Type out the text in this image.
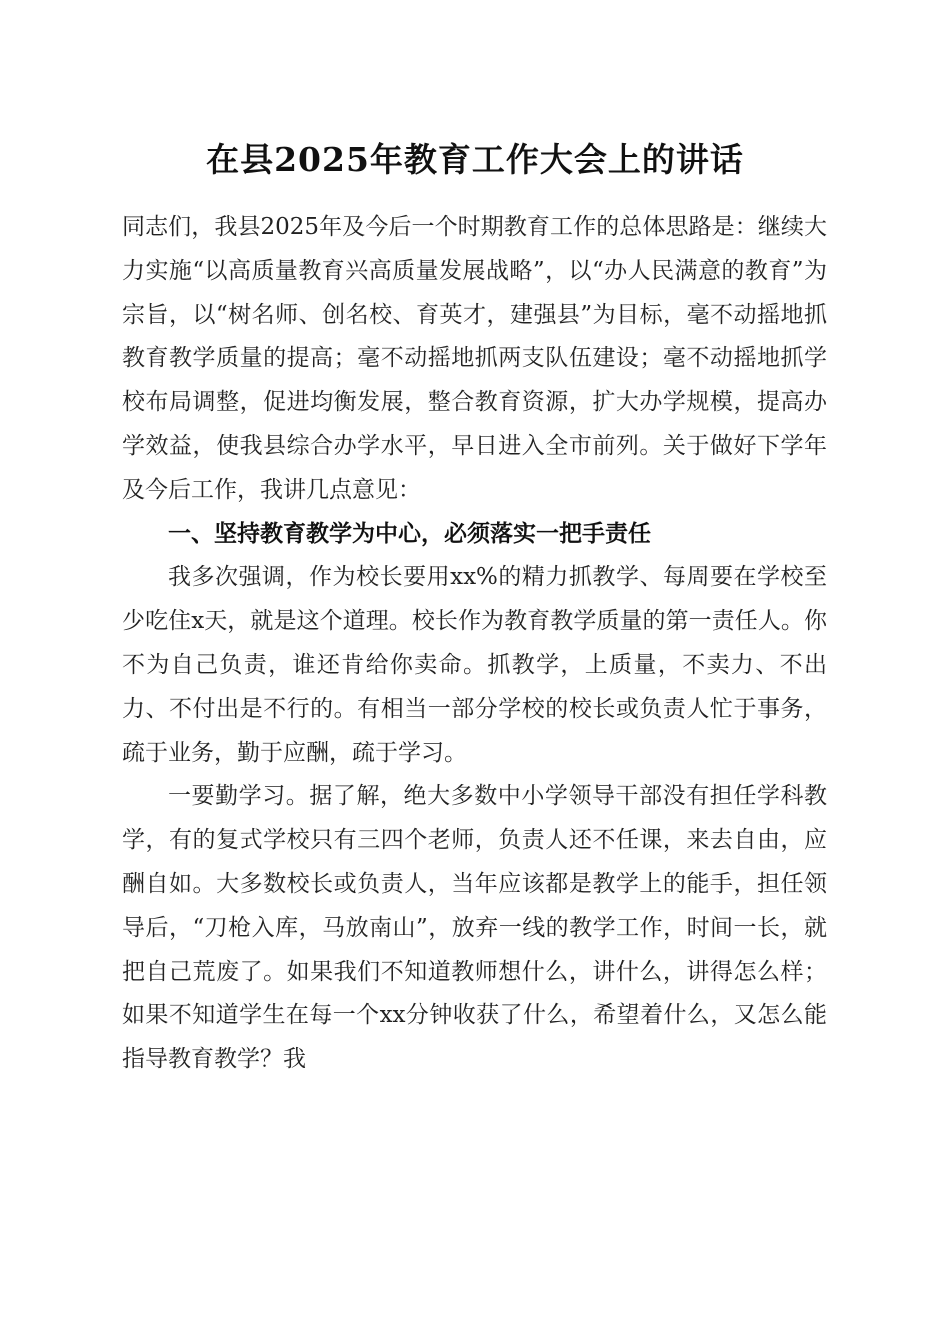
在县2025年教育工作大会上的讲话

同志们，我县2025年及今后一个时期教育工作的总体思路是：继续大力实施“以高质量教育兴高质量发展战略”，以“办人民满意的教育”为宗旨，以“树名师、创名校、育英才，建强县”为目标，毫不动摇地抓教育教学质量的提高；毫不动摇地抓两支队伍建设；毫不动摇地抓学校布局调整，促进均衡发展，整合教育资源，扩大办学规模，提高办学效益，使我县综合办学水平，早日进入全市前列。关于做好下学年及今后工作，我讲几点意见：

一、坚持教育教学为中心，必须落实一把手责任

我多次强调，作为校长要用xx%的精力抓教学、每周要在学校至少吃住x天，就是这个道理。校长作为教育教学质量的第一责任人。你不为自己负责，谁还肯给你卖命。抓教学，上质量，不卖力、不出力、不付出是不行的。有相当一部分学校的校长或负责人忙于事务，疏于业务，勤于应酬，疏于学习。

一要勤学习。据了解，绝大多数中小学领导干部没有担任学科教学，有的复式学校只有三四个老师，负责人还不任课，来去自由，应酬自如。大多数校长或负责人，当年应该都是教学上的能手，担任领导后，“刀枪入库，马放南山”，放弃一线的教学工作，时间一长，就把自己荒废了。如果我们不知道教师想什么，讲什么，讲得怎么样；如果不知道学生在每一个xx分钟收获了什么，希望着什么，又怎么能指导教育教学？我
